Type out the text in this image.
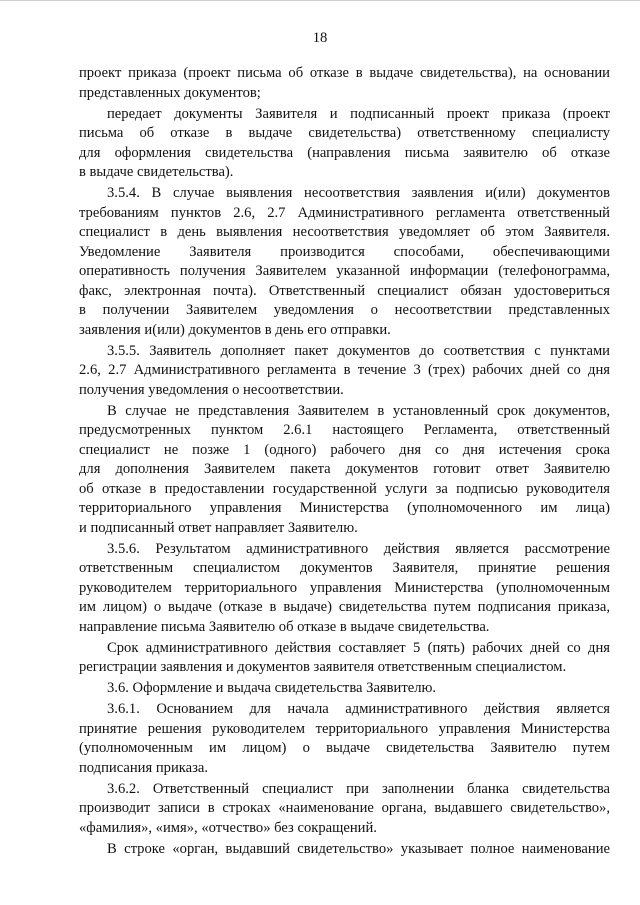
18
проект приказа (проект письма об отказе в выдаче свидетельства), на основании
представленных документов;
передает документы Заявителя и подписанный проект приказа (проект
письма об отказе в выдаче свидетельства) ответственному специалисту
для оформления свидетельства (направления письма заявителю об отказе
в выдаче свидетельства).
3.5.4. В случае выявления несоответствия заявления и(или) документов
требованиям пунктов 2.6, 2.7 Административного регламента ответственный
специалист в день выявления несоответствия уведомляет об этом Заявителя.
Уведомление Заявителя производится способами, обеспечивающими
оперативность получения Заявителем указанной информации (телефонограмма,
факс, электронная почта). Ответственный специалист обязан удостовериться
в получении Заявителем уведомления о несоответствии представленных
заявления и(или) документов в день его отправки.
3.5.5. Заявитель дополняет пакет документов до соответствия с пунктами
2.6, 2.7 Административного регламента в течение 3 (трех) рабочих дней со дня
получения уведомления о несоответствии.
В случае не представления Заявителем в установленный срок документов,
предусмотренных пунктом 2.6.1 настоящего Регламента, ответственный
специалист не позже 1 (одного) рабочего дня со дня истечения срока
для дополнения Заявителем пакета документов готовит ответ Заявителю
об отказе в предоставлении государственной услуги за подписью руководителя
территориального управления Министерства (уполномоченного им лица)
и подписанный ответ направляет Заявителю.
3.5.6. Результатом административного действия является рассмотрение
ответственным специалистом документов Заявителя, принятие решения
руководителем территориального управления Министерства (уполномоченным
им лицом) о выдаче (отказе в выдаче) свидетельства путем подписания приказа,
направление письма Заявителю об отказе в выдаче свидетельства.
Срок административного действия составляет 5 (пять) рабочих дней со дня
регистрации заявления и документов заявителя ответственным специалистом.
3.6. Оформление и выдача свидетельства Заявителю.
3.6.1. Основанием для начала административного действия является
принятие решения руководителем территориального управления Министерства
(уполномоченным им лицом) о выдаче свидетельства Заявителю путем
подписания приказа.
3.6.2. Ответственный специалист при заполнении бланка свидетельства
производит записи в строках «наименование органа, выдавшего свидетельство»,
«фамилия», «имя», «отчество» без сокращений.
В строке «орган, выдавший свидетельство» указывает полное наименование
